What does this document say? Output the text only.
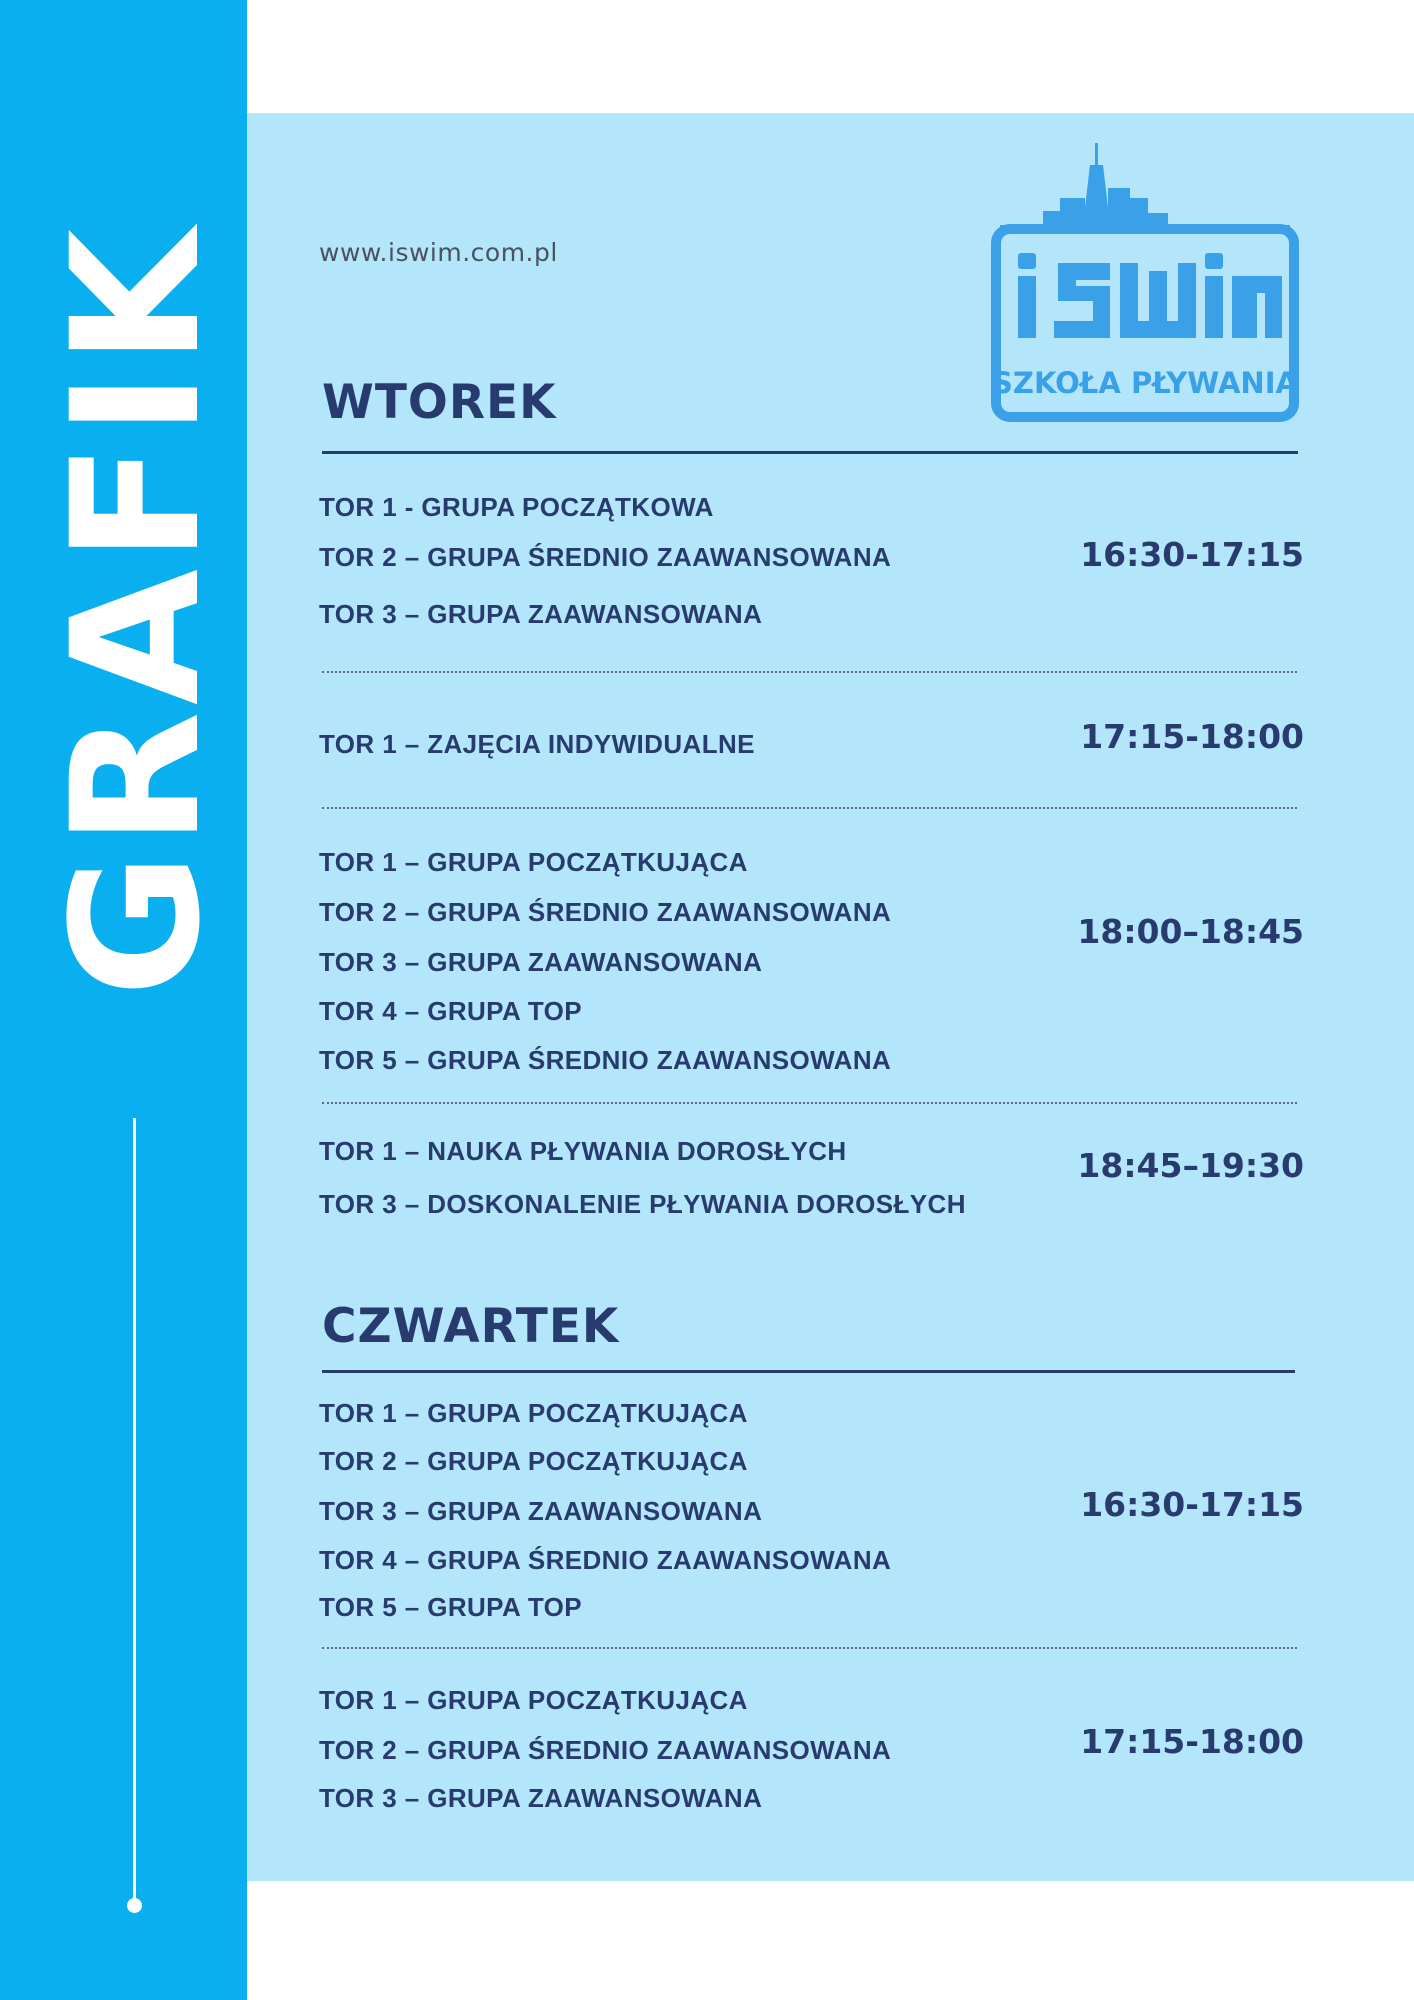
GRAFIK	www.iswim.com.pl
SZKOŁA PŁYWANIA
WTOREK
TOR 1 - GRUPA POCZĄTKOWA
TOR 2 – GRUPA ŚREDNIO ZAAWANSOWANA
TOR 3 – GRUPA ZAAWANSOWANA
16:30-17:15
TOR 1 – ZAJĘCIA INDYWIDUALNE	17:15-18:00
TOR 1 – GRUPA POCZĄTKUJĄCA
TOR 2 – GRUPA ŚREDNIO ZAAWANSOWANA
TOR 3 – GRUPA ZAAWANSOWANA
TOR 4 – GRUPA TOP
TOR 5 – GRUPA ŚREDNIO ZAAWANSOWANA
18:00–18:45
TOR 1 – NAUKA PŁYWANIA DOROSŁYCH
TOR 3 – DOSKONALENIE PŁYWANIA DOROSŁYCH
18:45–19:30
CZWARTEK
TOR 1 – GRUPA POCZĄTKUJĄCA
TOR 2 – GRUPA POCZĄTKUJĄCA
TOR 3 – GRUPA ZAAWANSOWANA
TOR 4 – GRUPA ŚREDNIO ZAAWANSOWANA
TOR 5 – GRUPA TOP
16:30-17:15
TOR 1 – GRUPA POCZĄTKUJĄCA
TOR 2 – GRUPA ŚREDNIO ZAAWANSOWANA
TOR 3 – GRUPA ZAAWANSOWANA
17:15-18:00
